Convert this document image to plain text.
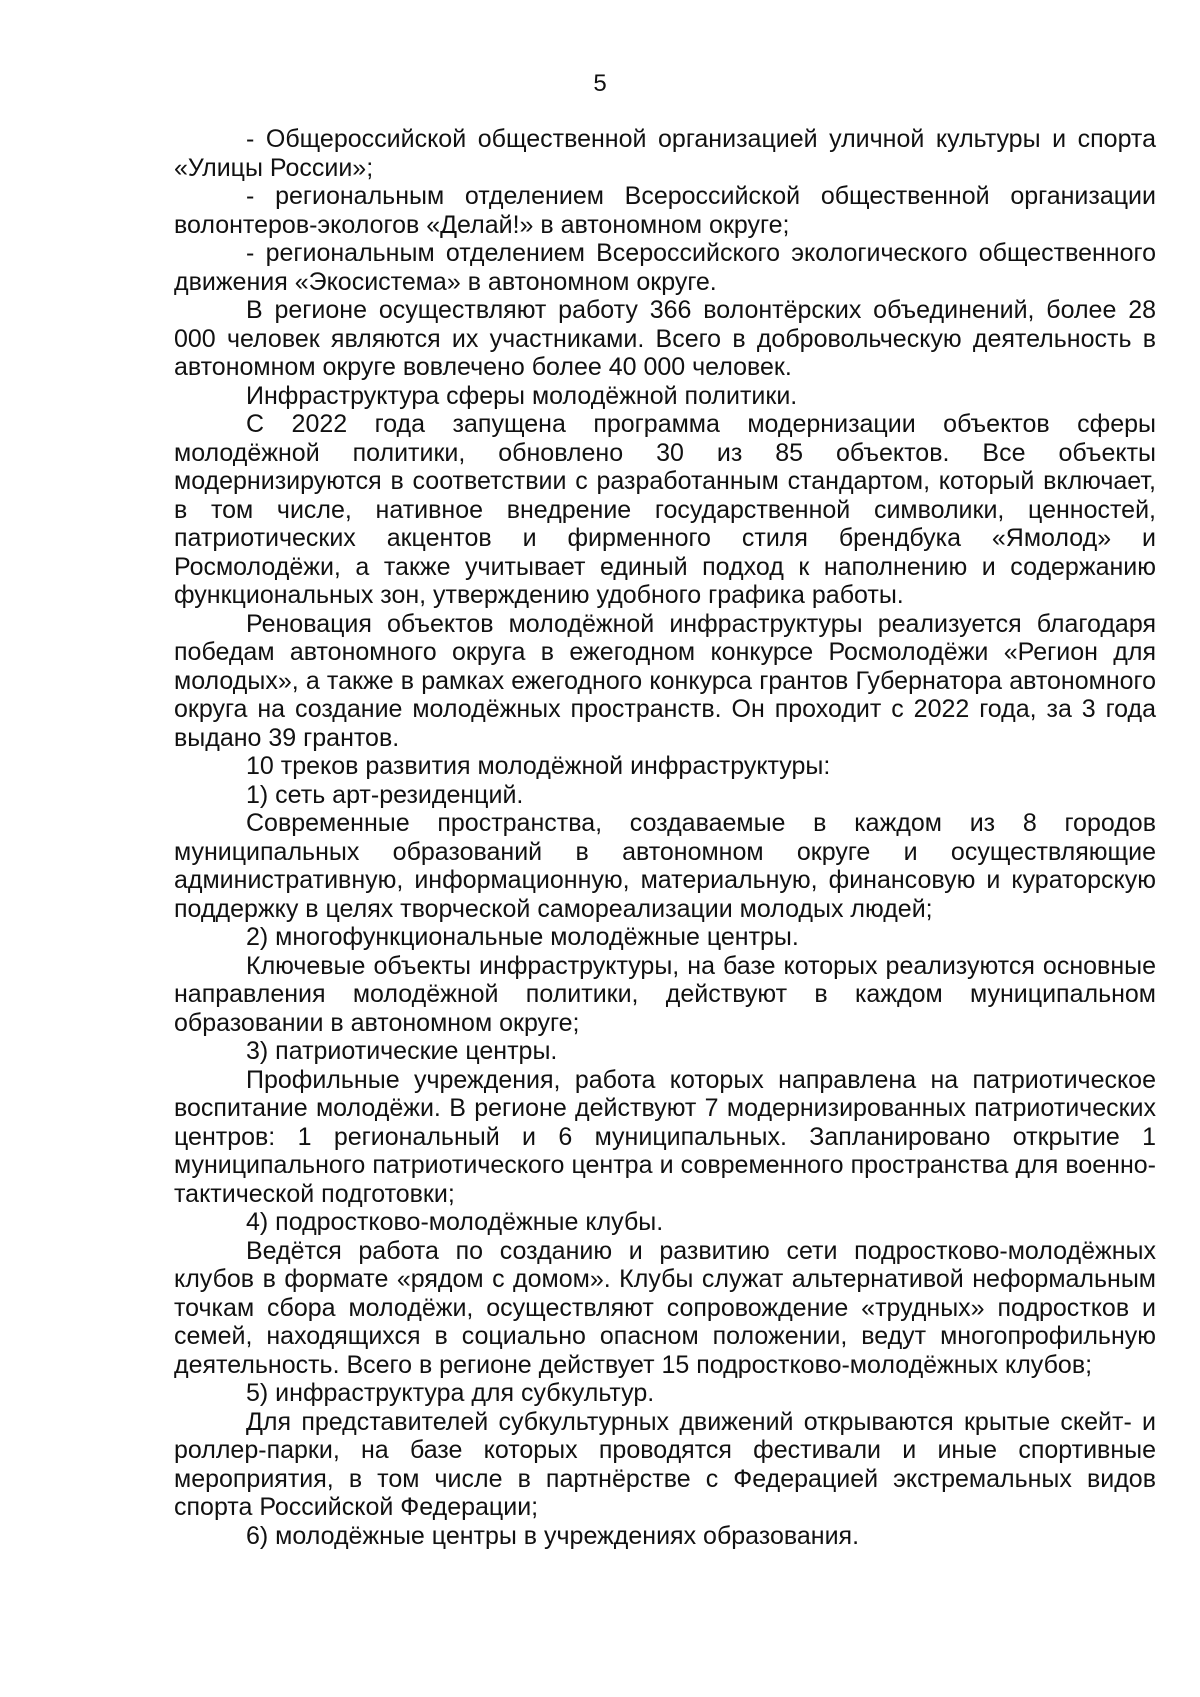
5

- Общероссийской общественной организацией уличной культуры и спорта «Улицы России»;

- региональным отделением Всероссийской общественной организации волонтеров-экологов «Делай!» в автономном округе;

- региональным отделением Всероссийского экологического общественного движения «Экосистема» в автономном округе.

В регионе осуществляют работу 366 волонтёрских объединений, более 28 000 человек являются их участниками. Всего в добровольческую деятельность в автономном округе вовлечено более 40 000 человек.

Инфраструктура сферы молодёжной политики.

С 2022 года запущена программа модернизации объектов сферы молодёжной политики, обновлено 30 из 85 объектов. Все объекты модернизируются в соответствии с разработанным стандартом, который включает, в том числе, нативное внедрение государственной символики, ценностей, патриотических акцентов и фирменного стиля брендбука «Ямолод» и Росмолодёжи, а также учитывает единый подход к наполнению и содержанию функциональных зон, утверждению удобного графика работы.

Реновация объектов молодёжной инфраструктуры реализуется благодаря победам автономного округа в ежегодном конкурсе Росмолодёжи «Регион для молодых», а также в рамках ежегодного конкурса грантов Губернатора автономного округа на создание молодёжных пространств. Он проходит с 2022 года, за 3 года выдано 39 грантов.

10 треков развития молодёжной инфраструктуры:

1) сеть арт-резиденций.

Современные пространства, создаваемые в каждом из 8 городов муниципальных образований в автономном округе и осуществляющие административную, информационную, материальную, финансовую и кураторскую поддержку в целях творческой самореализации молодых людей;

2) многофункциональные молодёжные центры.

Ключевые объекты инфраструктуры, на базе которых реализуются основные направления молодёжной политики, действуют в каждом муниципальном образовании в автономном округе;

3) патриотические центры.

Профильные учреждения, работа которых направлена на патриотическое воспитание молодёжи. В регионе действуют 7 модернизированных патриотических центров: 1 региональный и 6 муниципальных. Запланировано открытие 1 муниципального патриотического центра и современного пространства для военно-тактической подготовки;

4) подростково-молодёжные клубы.

Ведётся работа по созданию и развитию сети подростково-молодёжных клубов в формате «рядом с домом». Клубы служат альтернативой неформальным точкам сбора молодёжи, осуществляют сопровождение «трудных» подростков и семей, находящихся в социально опасном положении, ведут многопрофильную деятельность. Всего в регионе действует 15 подростково-молодёжных клубов;

5) инфраструктура для субкультур.

Для представителей субкультурных движений открываются крытые скейт- и роллер-парки, на базе которых проводятся фестивали и иные спортивные мероприятия, в том числе в партнёрстве с Федерацией экстремальных видов спорта Российской Федерации;

6) молодёжные центры в учреждениях образования.
